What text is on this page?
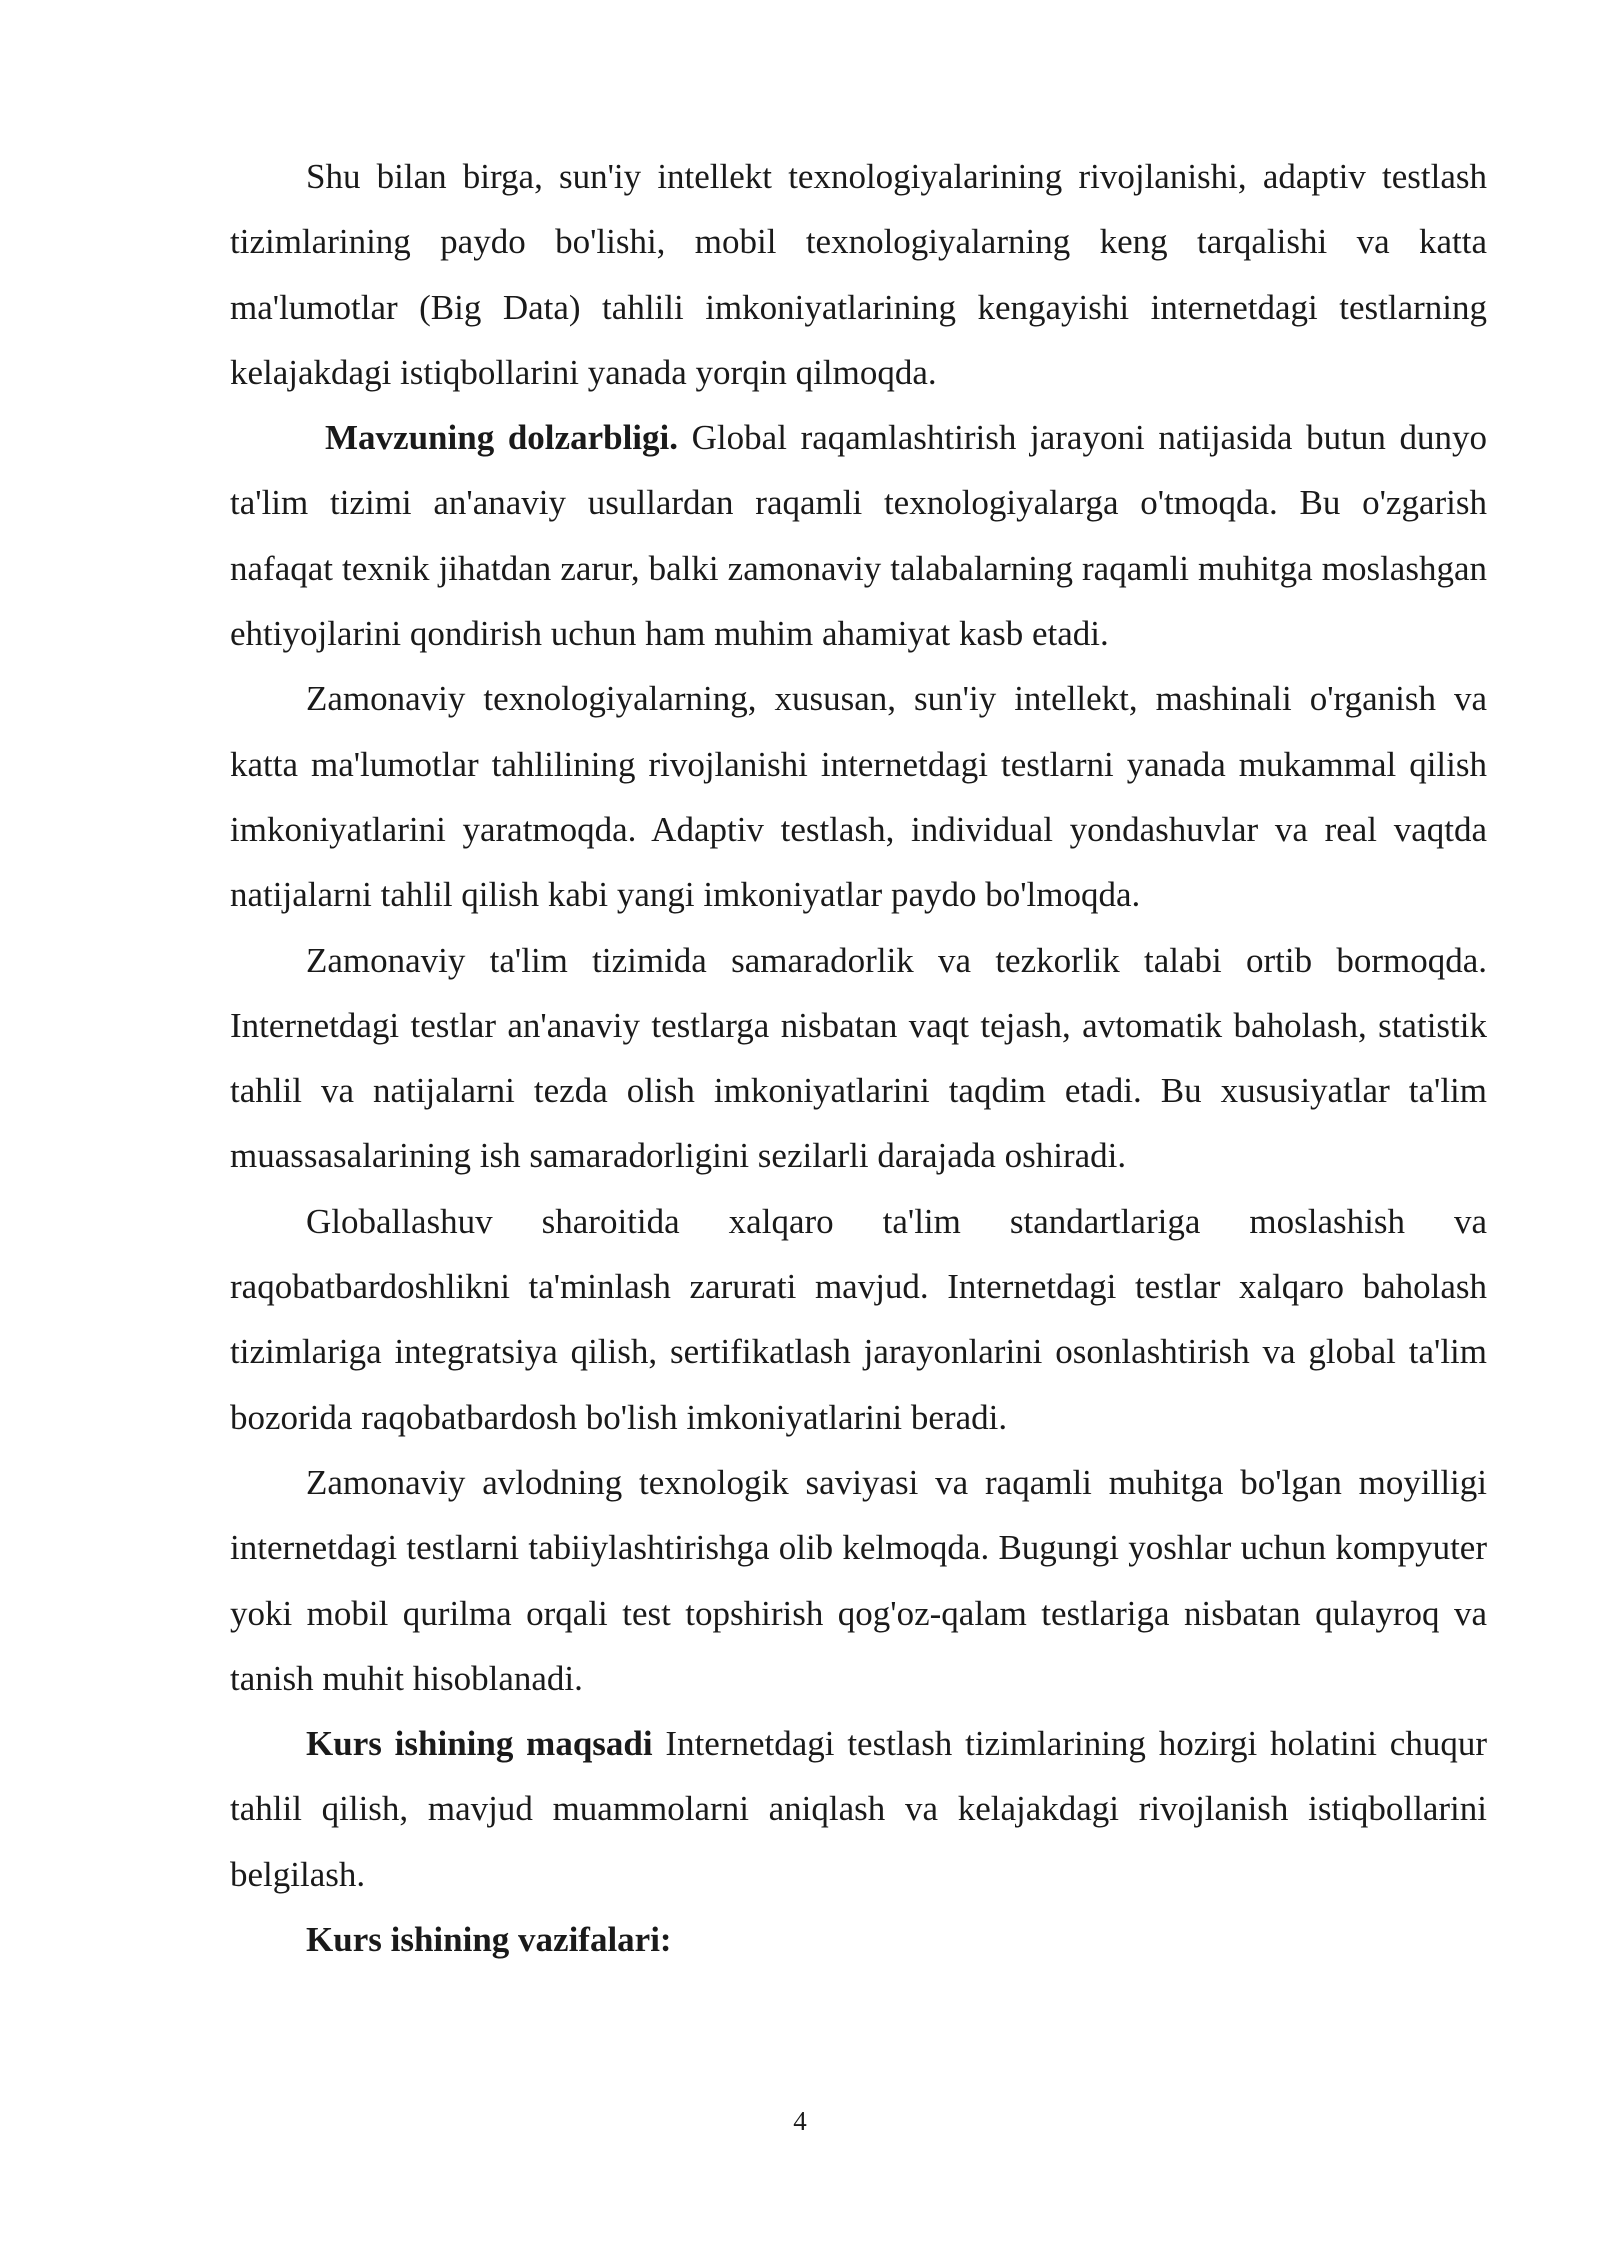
Shu bilan birga, sun'iy intellekt texnologiyalarining rivojlanishi, adaptiv testlash tizimlarining paydo bo'lishi, mobil texnologiyalarning keng tarqalishi va katta ma'lumotlar (Big Data) tahlili imkoniyatlarining kengayishi internetdagi testlarning kelajakdagi istiqbollarini yanada yorqin qilmoqda.

Mavzuning dolzarbligi. Global raqamlashtirish jarayoni natijasida butun dunyo ta'lim tizimi an'anaviy usullardan raqamli texnologiyalarga o'tmoqda. Bu o'zgarish nafaqat texnik jihatdan zarur, balki zamonaviy talabalarning raqamli muhitga moslashgan ehtiyojlarini qondirish uchun ham muhim ahamiyat kasb etadi.

Zamonaviy texnologiyalarning, xususan, sun'iy intellekt, mashinali o'rganish va katta ma'lumotlar tahlilining rivojlanishi internetdagi testlarni yanada mukammal qilish imkoniyatlarini yaratmoqda. Adaptiv testlash, individual yondashuvlar va real vaqtda natijalarni tahlil qilish kabi yangi imkoniyatlar paydo bo'lmoqda.

Zamonaviy ta'lim tizimida samaradorlik va tezkorlik talabi ortib bormoqda. Internetdagi testlar an'anaviy testlarga nisbatan vaqt tejash, avtomatik baholash, statistik tahlil va natijalarni tezda olish imkoniyatlarini taqdim etadi. Bu xususiyatlar ta'lim muassasalarining ish samaradorligini sezilarli darajada oshiradi.

Globallashuv sharoitida xalqaro ta'lim standartlariga moslashish va raqobatbardoshlikni ta'minlash zarurati mavjud. Internetdagi testlar xalqaro baholash tizimlariga integratsiya qilish, sertifikatlash jarayonlarini osonlashtirish va global ta'lim bozorida raqobatbardosh bo'lish imkoniyatlarini beradi.

Zamonaviy avlodning texnologik saviyasi va raqamli muhitga bo'lgan moyilligi internetdagi testlarni tabiiylashtirishga olib kelmoqda. Bugungi yoshlar uchun kompyuter yoki mobil qurilma orqali test topshirish qog'oz-qalam testlariga nisbatan qulayroq va tanish muhit hisoblanadi.

Kurs ishining maqsadi Internetdagi testlash tizimlarining hozirgi holatini chuqur tahlil qilish, mavjud muammolarni aniqlash va kelajakdagi rivojlanish istiqbollarini belgilash.

Kurs ishining vazifalari:

4
